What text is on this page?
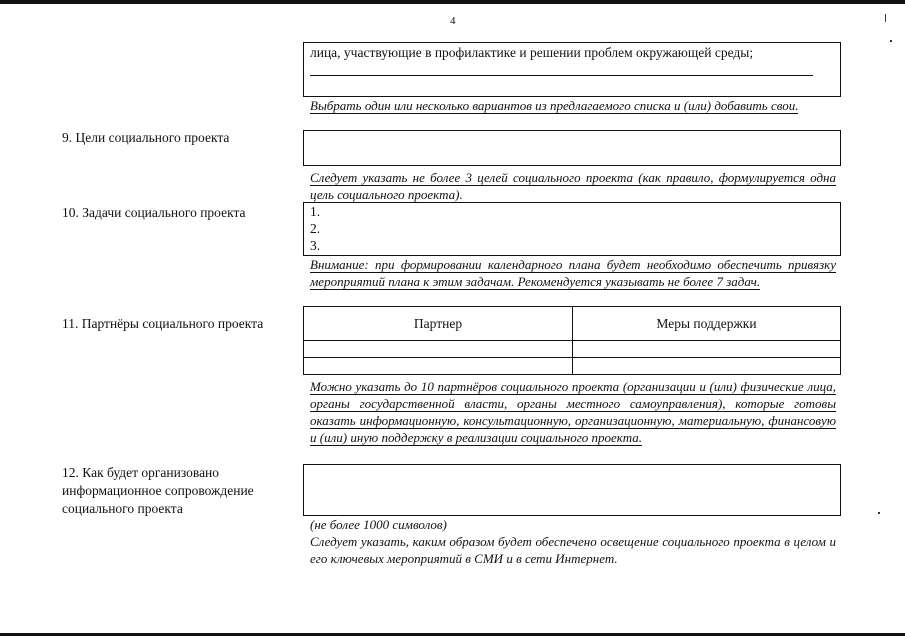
4
лица, участвующие в профилактике и решении проблем окружающей среды;
Выбрать один или несколько вариантов из предлагаемого списка и (или) добавить свои.
9. Цели социального проекта
Следует указать не более 3 целей социального проекта (как правило, формулируется одна цель социального проекта).
10. Задачи социального проекта	1.
2.
3.
Внимание: при формировании календарного плана будет необходимо обеспечить привязку мероприятий плана к этим задачам. Рекомендуется указывать не более 7 задач.
11. Партнёры социального проекта	Партнер	Меры поддержки

Можно указать до 10 партнёров социального проекта (организации и (или) физические лица, органы государственной власти, органы местного самоуправления), которые готовы оказать информационную, консультационную, организационную, материальную, финансовую и (или) иную поддержку в реализации социального проекта.
12. Как будет организовано
информационное сопровождение
социального проекта
(не более 1000 символов)
Следует указать, каким образом будет обеспечено освещение социального проекта в целом и его ключевых мероприятий в СМИ и в сети Интернет.
